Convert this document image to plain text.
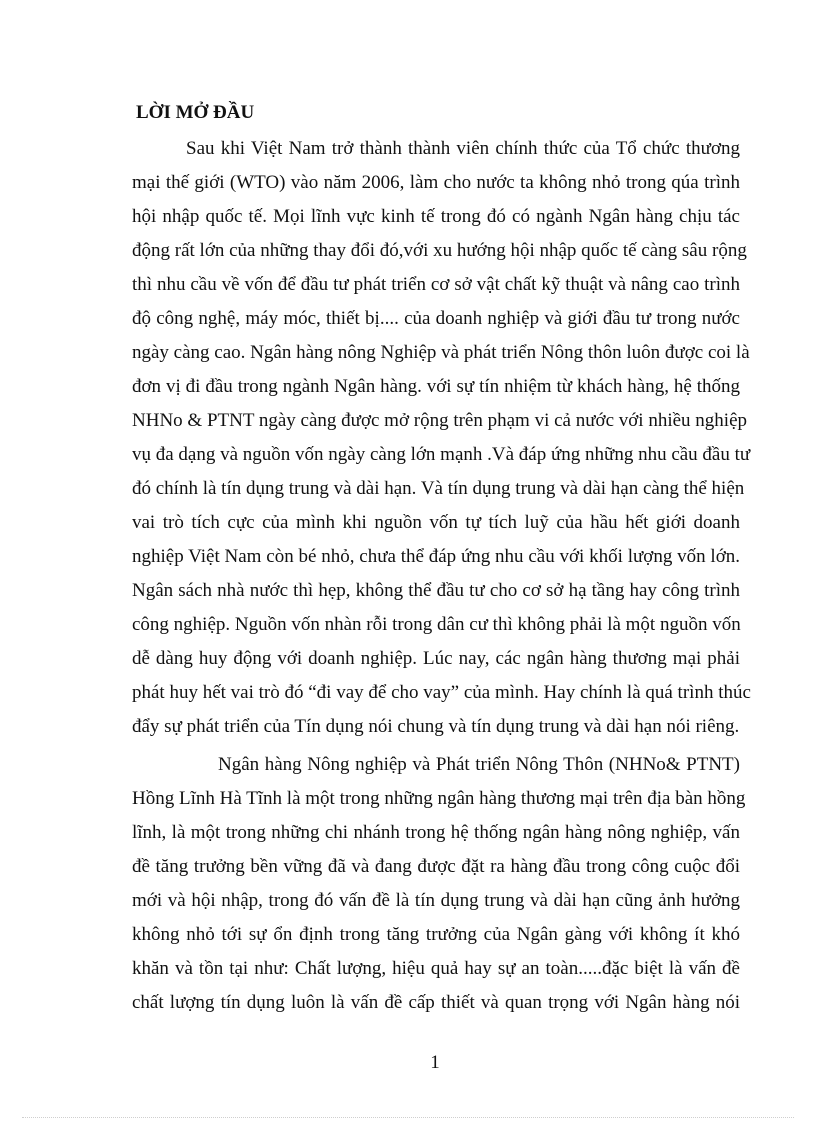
LỜI MỞ ĐẦU
Sau khi Việt Nam trở thành thành viên chính thức của Tổ chức thương
mại thế giới (WTO) vào năm 2006, làm cho nước ta không nhỏ trong qúa trình
hội nhập quốc tế. Mọi lĩnh vực kinh tế trong đó có ngành Ngân hàng chịu tác
động rất lớn của những thay đổi đó,với xu hướng hội nhập quốc tế càng sâu rộng
thì nhu cầu về vốn để đầu tư phát triển cơ sở vật chất kỹ thuật và nâng cao trình
độ công nghệ, máy móc, thiết bị.... của doanh nghiệp và giới đầu tư trong nước
ngày càng cao. Ngân hàng nông Nghiệp và phát triển Nông thôn luôn được coi là
đơn vị đi đầu trong ngành Ngân hàng. với sự tín nhiệm từ khách hàng, hệ thống
NHNo & PTNT ngày càng được mở rộng trên phạm vi cả nước với nhiều nghiệp
vụ đa dạng và nguồn vốn ngày càng lớn mạnh .Và đáp ứng những nhu cầu đầu tư
đó chính là tín dụng trung và dài hạn. Và tín dụng trung và dài hạn càng thể hiện
vai trò tích cực của mình khi nguồn vốn tự tích luỹ của hầu hết giới doanh
nghiệp Việt Nam còn bé nhỏ, chưa thể đáp ứng nhu cầu với khối lượng vốn lớn.
Ngân sách nhà nước thì hẹp, không thể đầu tư cho cơ sở hạ tầng hay công trình
công nghiệp. Nguồn vốn nhàn rỗi trong dân cư thì không phải là một nguồn vốn
dễ dàng huy động với doanh nghiệp. Lúc nay, các ngân hàng thương mại phải
phát huy hết vai trò đó “đi vay để cho vay” của mình. Hay chính là quá trình thúc
đẩy sự phát triển của Tín dụng nói chung và tín dụng trung và dài hạn nói riêng.
Ngân hàng Nông nghiệp và Phát triển Nông Thôn (NHNo& PTNT)
Hồng Lĩnh Hà Tĩnh là một trong những ngân hàng thương mại trên địa bàn hồng
lĩnh, là một trong những chi nhánh trong hệ thống ngân hàng nông nghiệp, vấn
đề tăng trưởng bền vững đã và đang được đặt ra hàng đầu trong công cuộc đổi
mới và hội nhập, trong đó vấn đề là tín dụng trung và dài hạn cũng ảnh hưởng
không nhỏ tới sự ổn định trong tăng trưởng của Ngân gàng với không ít khó
khăn và tồn tại như: Chất lượng, hiệu quả hay sự an toàn.....đặc biệt là vấn đề
chất lượng tín dụng luôn là vấn đề cấp thiết và quan trọng với Ngân hàng nói
1
